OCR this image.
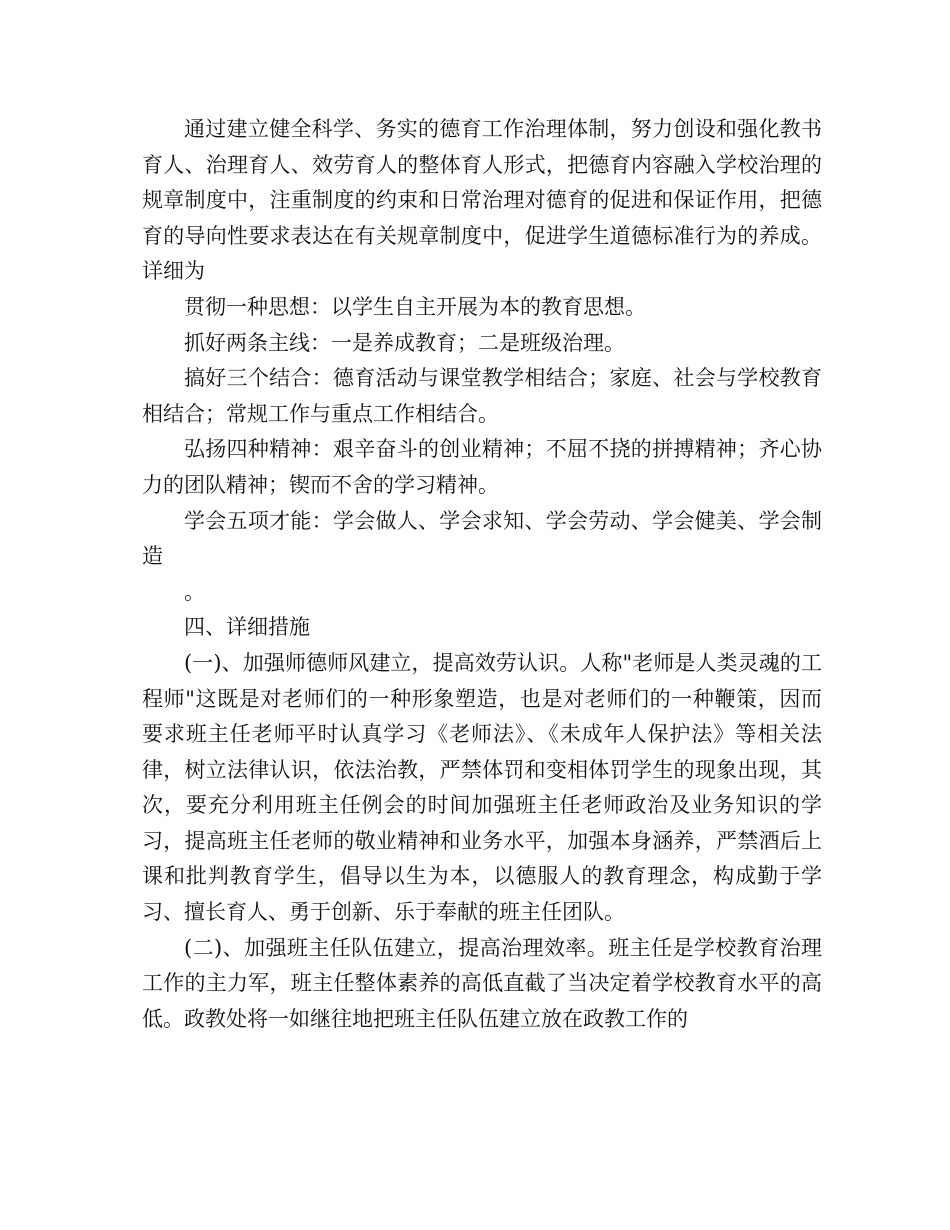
通过建立健全科学、务实的德育工作治理体制，努力创设和强化教书育人、治理育人、效劳育人的整体育人形式，把德育内容融入学校治理的规章制度中，注重制度的约束和日常治理对德育的促进和保证作用，把德育的导向性要求表达在有关规章制度中，促进学生道德标准行为的养成。详细为

贯彻一种思想：以学生自主开展为本的教育思想。

抓好两条主线：一是养成教育；二是班级治理。

搞好三个结合：德育活动与课堂教学相结合；家庭、社会与学校教育相结合；常规工作与重点工作相结合。

弘扬四种精神：艰辛奋斗的创业精神；不屈不挠的拼搏精神；齐心协力的团队精神；锲而不舍的学习精神。

学会五项才能：学会做人、学会求知、学会劳动、学会健美、学会制造

。

四、详细措施

(一)、加强师德师风建立，提高效劳认识。人称"老师是人类灵魂的工程师"这既是对老师们的一种形象塑造，也是对老师们的一种鞭策，因而要求班主任老师平时认真学习《老师法》、《未成年人保护法》等相关法律，树立法律认识，依法治教，严禁体罚和变相体罚学生的现象出现，其次，要充分利用班主任例会的时间加强班主任老师政治及业务知识的学习，提高班主任老师的敬业精神和业务水平，加强本身涵养，严禁酒后上课和批判教育学生，倡导以生为本，以德服人的教育理念，构成勤于学习、擅长育人、勇于创新、乐于奉献的班主任团队。

(二)、加强班主任队伍建立，提高治理效率。班主任是学校教育治理工作的主力军，班主任整体素养的高低直截了当决定着学校教育水平的高低。政教处将一如继往地把班主任队伍建立放在政教工作的
